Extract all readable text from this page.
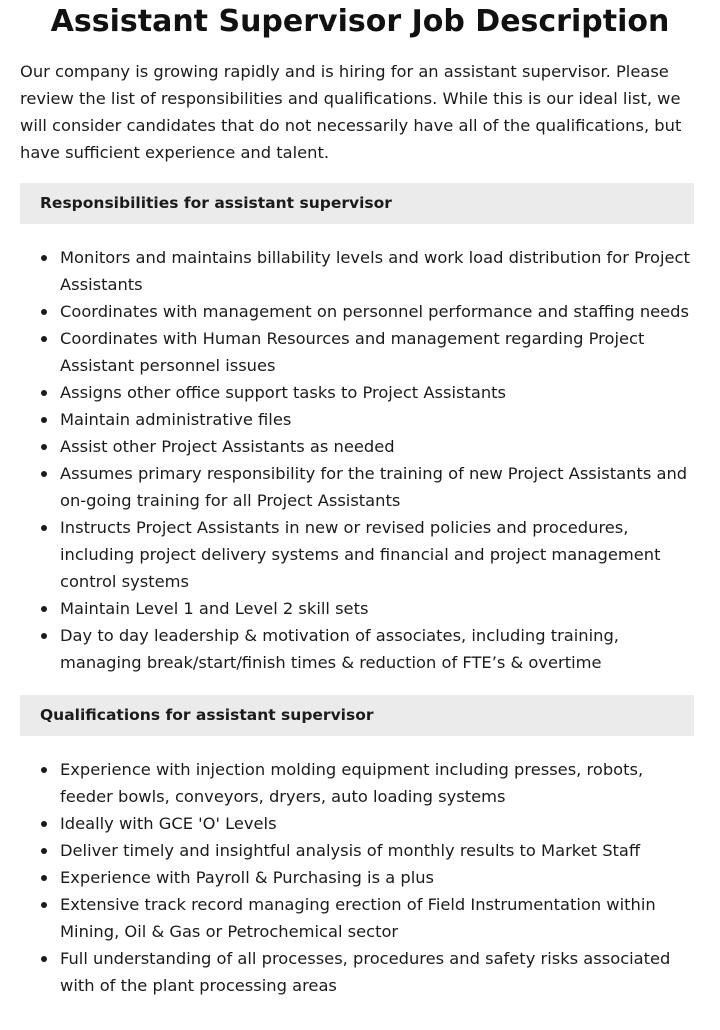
Assistant Supervisor Job Description

Our company is growing rapidly and is hiring for an assistant supervisor. Please review the list of responsibilities and qualifications. While this is our ideal list, we will consider candidates that do not necessarily have all of the qualifications, but have sufficient experience and talent.

Responsibilities for assistant supervisor
Monitors and maintains billability levels and work load distribution for Project Assistants
Coordinates with management on personnel performance and staffing needs
Coordinates with Human Resources and management regarding Project Assistant personnel issues
Assigns other office support tasks to Project Assistants
Maintain administrative files
Assist other Project Assistants as needed
Assumes primary responsibility for the training of new Project Assistants and on-going training for all Project Assistants
Instructs Project Assistants in new or revised policies and procedures, including project delivery systems and financial and project management control systems
Maintain Level 1 and Level 2 skill sets
Day to day leadership & motivation of associates, including training, managing break/start/finish times & reduction of FTE’s & overtime
Qualifications for assistant supervisor
Experience with injection molding equipment including presses, robots, feeder bowls, conveyors, dryers, auto loading systems
Ideally with GCE 'O' Levels
Deliver timely and insightful analysis of monthly results to Market Staff
Experience with Payroll & Purchasing is a plus
Extensive track record managing erection of Field Instrumentation within Mining, Oil & Gas or Petrochemical sector
Full understanding of all processes, procedures and safety risks associated with of the plant processing areas
